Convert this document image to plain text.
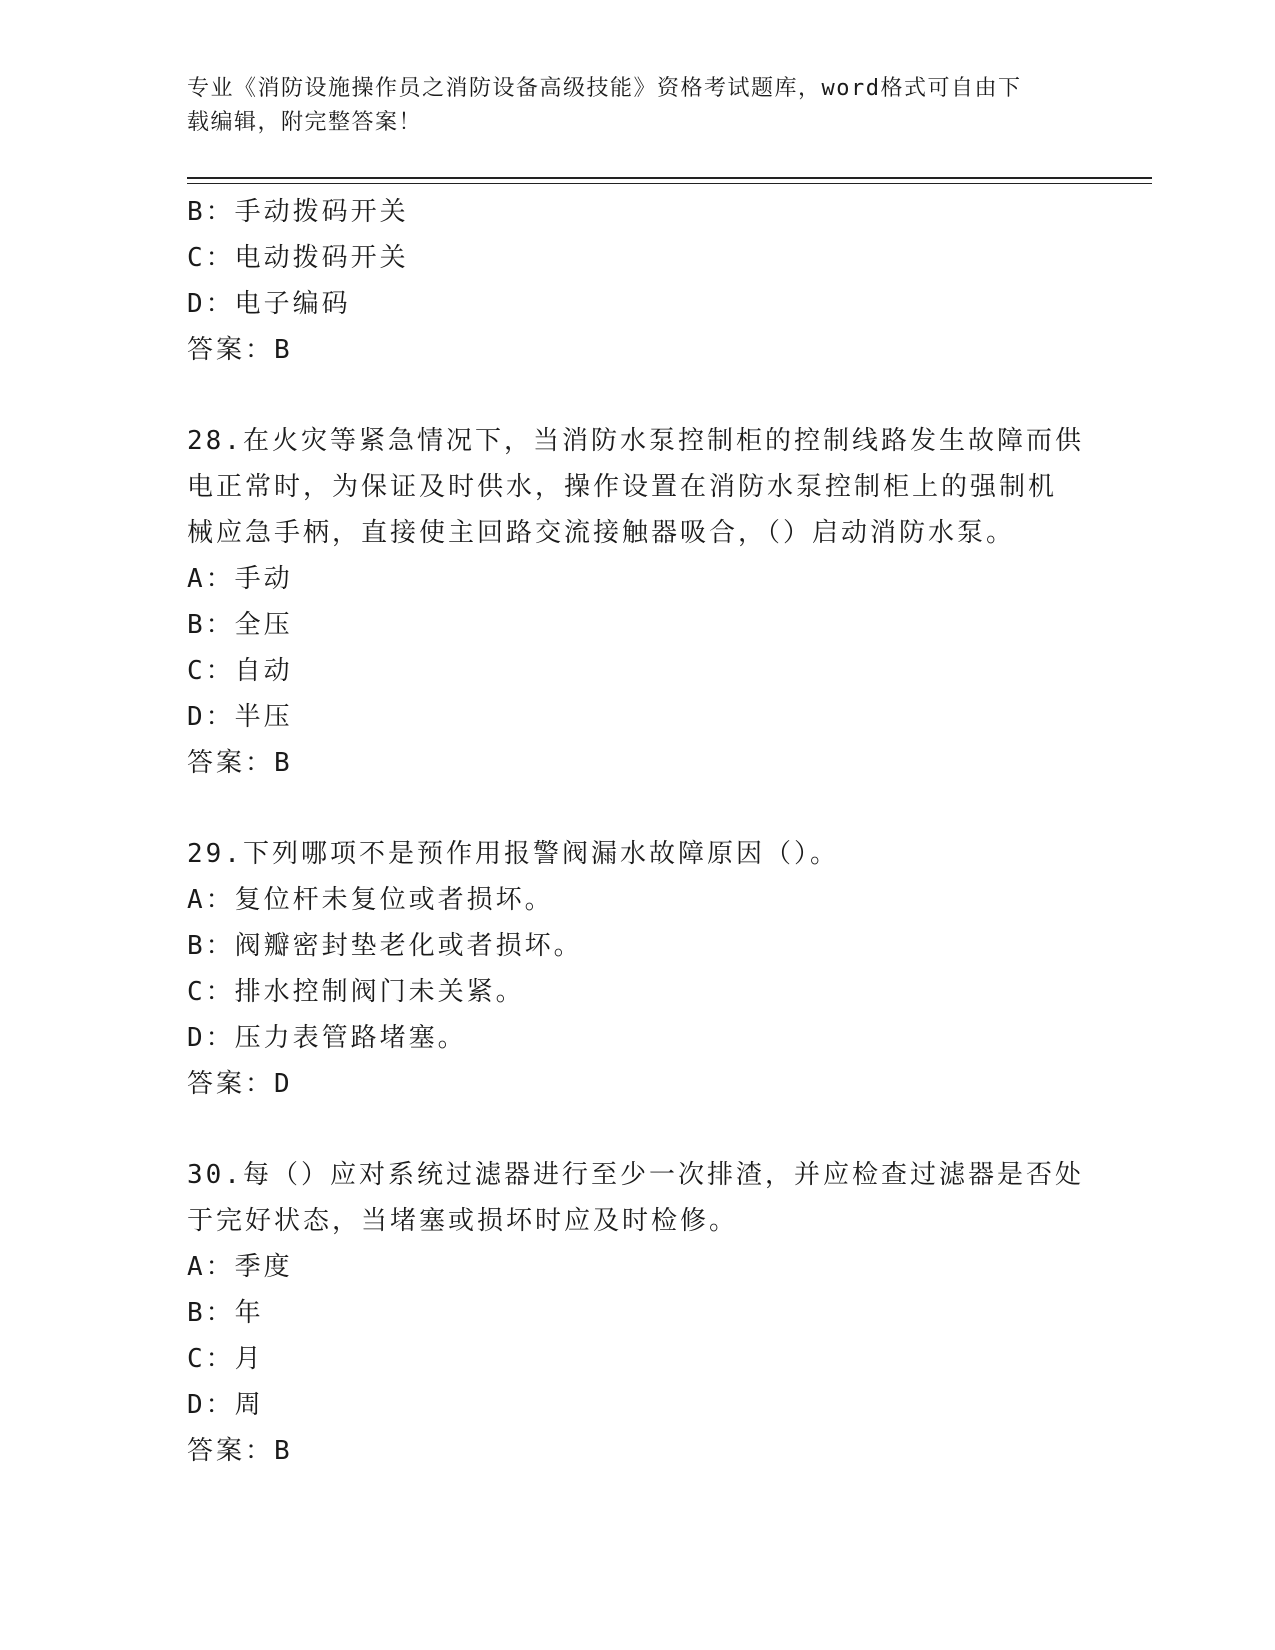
专业《消防设施操作员之消防设备高级技能》资格考试题库，word格式可自由下
载编辑，附完整答案！
B：手动拨码开关
C：电动拨码开关
D：电子编码
答案：B
28.在火灾等紧急情况下，当消防水泵控制柜的控制线路发生故障而供
电正常时，为保证及时供水，操作设置在消防水泵控制柜上的强制机
械应急手柄，直接使主回路交流接触器吸合，（）启动消防水泵。
A：手动
B：全压
C：自动
D：半压
答案：B
29.下列哪项不是预作用报警阀漏水故障原因（）。
A：复位杆未复位或者损坏。
B：阀瓣密封垫老化或者损坏。
C：排水控制阀门未关紧。
D：压力表管路堵塞。
答案：D
30.每（）应对系统过滤器进行至少一次排渣，并应检查过滤器是否处
于完好状态，当堵塞或损坏时应及时检修。
A：季度
B：年
C：月
D：周
答案：B
